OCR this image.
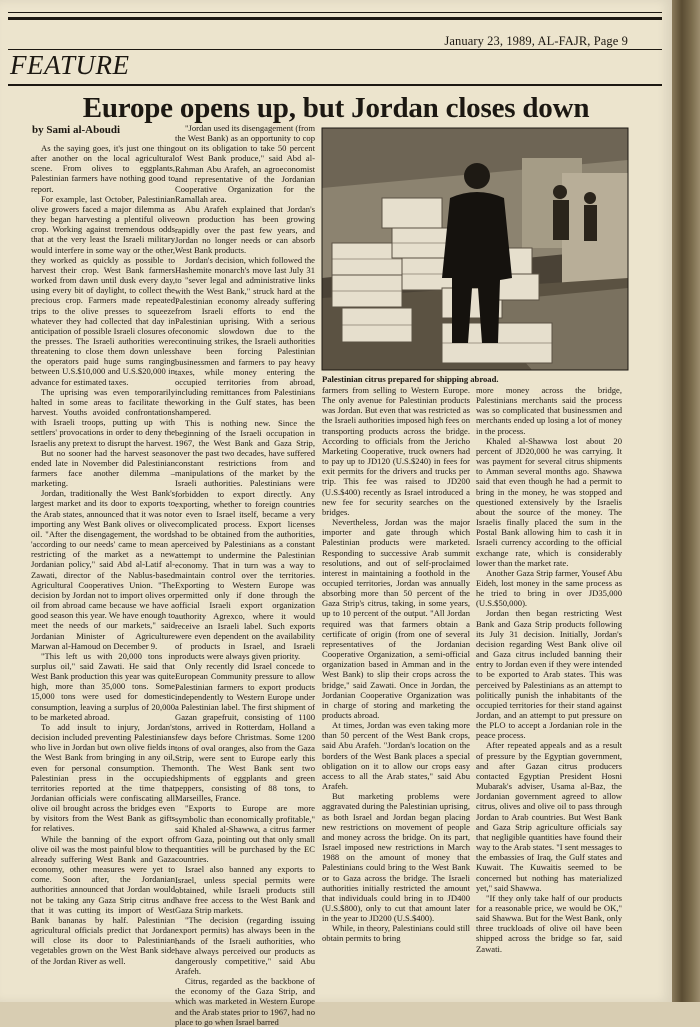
January 23, 1989, AL-FAJR, Page 9
FEATURE
Europe opens up, but Jordan closes down
by Sami al-Aboudi

As the saying goes, it's just one thing after another on the local agricultural scene. From olives to eggplants, Palestinian farmers have nothing good to report.

For example, last October, Palestinian olive growers faced a major dilemma as they began harvesting a plentiful olive crop. Working against tremendous odds that at the very least the Israeli military would interfere in some way or the other, they worked as quickly as possible to harvest their crop. West Bank farmers worked from dawn until dusk every day, using every bit of daylight, to collect the precious crop. Farmers made repeated trips to the olive presses to squeeze whatever they had collected that day in anticipation of possible Israeli closures of the presses. The Israeli authorities were threatening to close them down unless the operators paid huge sums ranging between U.S.$10,000 and U.S.$20,000 in advance for estimated taxes.

The uprising was even temporarily halted in some areas to facilitate the harvest. Youths avoided confrontations with Israeli troops, putting up with settlers' provocations in order to deny the Israelis any pretext to disrupt the harvest.

But no sooner had the harvest season ended late in November did Palestinian farmers face another dilemma – marketing.

Jordan, traditionally the West Bank's largest market and its door to exports to the Arab states, announced that it was not importing any West Bank olives or olive oil. "After the disengagement, the words 'according to our needs' came to mean a restricting of the market as a new Jordanian policy," said Abd al-Latif al-Zawati, director of the Nablus-based Agricultural Cooperatives Union. "The decision by Jordan not to import olives or oil from abroad came because we have a good season this year. We have enough to meet the needs of our markets," said Jordanian Minister of Agriculture Marwan al-Hamoud on December 9.

"This left us with 20,000 tons in surplus oil," said Zawati. He said that West Bank production this year was quite high, more than 35,000 tons. Some 15,000 tons were used for domestic consumption, leaving a surplus of 20,000 to be marketed abroad.

To add insult to injury, Jordan's decision included preventing Palestinians who live in Jordan but own olive fields in the West Bank from bringing in any oil, even for personal consumption. The Palestinian press in the occupied territories reported at the time that Jordanian officials were confiscating all olive oil brought across the bridges even by visitors from the West Bank as gifts for relatives.

While the banning of the export of olive oil was the most painful blow to the already suffering West Bank and Gaza economy, other measures were yet to come. Soon after, the Jordanian authorities announced that Jordan would not be taking any Gaza Strip citrus and that it was cutting its import of West Bank bananas by half. Palestinian agricultural officials predict that Jordan will close its door to Palestinian vegetables grown on the West Bank side of the Jordan River as well.

"Jordan used its disengagement (from the West Bank) as an opportunity to cop out on its obligation to take 50 percent of West Bank produce," said Abd al-Rahman Abu Arafeh, an agroeconomist and representative of the Jordanian Cooperative Organization for the Ramallah area.

Abu Arafeh explained that Jordan's own production has been growing rapidly over the past few years, and Jordan no longer needs or can absorb West Bank products.

Jordan's decision, which followed the Hashemite monarch's move last July 31 to "sever legal and administrative links with the West Bank," struck hard at the Palestinian economy already suffering from Israeli efforts to end the Palestinian uprising. With a serious economic slowdown due to the continuing strikes, the Israeli authorities have been forcing Palestinian businessmen and farmers to pay heavy taxes, while money entering the occupied territories from abroad, including remittances from Palestinians working in the Gulf states, has been hampered.

This is nothing new. Since the beginning of the Israeli occupation in 1967, the West Bank and Gaza Strip, over the past two decades, have suffered constant restrictions from and manipulations of the market by the Israeli authorities. Palestinians were forbidden to export directly. Any exporting, whether to foreign countries or even to Israel itself, became a very complicated process. Export licenses had to be obtained from the authorities, perceived by Palestinians as a constant attempt to undermine the Palestinian economy. That in turn was a way to maintain control over the territories. Exporting to Western Europe was permitted only if done through the official Israeli export organization authority Agrexco, where it would receive an Israeli label. Such exports were even dependent on the availability of products in Israel, and Israeli products were always given priority.

Only recently did Israel concede to European Community pressure to allow Palestinian farmers to export products independently to Western Europe under a Palestinian label. The first shipment of Gazan grapefruit, consisting of 1100 tons, arrived in Rotterdam, Holland a few days before Christmas. Some 1200 tons of oval oranges, also from the Gaza Strip, were sent to Europe early this month. The West Bank sent two shipments of eggplants and green peppers, consisting of 88 tons, to Marseilles, France.

"Exports to Europe are more symbolic than economically profitable," said Khaled al-Shawwa, a citrus farmer from Gaza, pointing out that only small quantities will be purchased by the EC countries.

Israel also banned any exports to Israel, unless special permits were obtained, while Israeli products still have free access to the West Bank and Gaza Strip markets.

"The decision (regarding issuing export permits) has always been in the hands of the Israeli authorities, who have always perceived our products as dangerously competitive," said Abu Arafeh.

Citrus, regarded as the backbone of the economy of the Gaza Strip, and which was marketed in Western Europe and the Arab states prior to 1967, had no place to go when Israel barred

Palestinian citrus prepared for shipping abroad.

farmers from selling to Western Europe. The only avenue for Palestinian products was Jordan. But even that was restricted as the Israeli authorities imposed high fees on transporting products across the bridge. According to officials from the Jericho Marketing Cooperative, truck owners had to pay up to JD120 (U.S.$240) in fees for exit permits for the drivers and trucks per trip. This fee was raised to JD200 (U.S.$400) recently as Israel introduced a new fee for security searches on the bridges.

Nevertheless, Jordan was the major importer and gate through which Palestinian products were marketed. Responding to successive Arab summit resolutions, and out of self-proclaimed interest in maintaining a foothold in the occupied territories, Jordan was annually absorbing more than 50 percent of the Gaza Strip's citrus, taking, in some years, up to 10 percent of the output. "All Jordan required was that farmers obtain a certificate of origin (from one of several representatives of the Jordanian Cooperative Organization, a semi-official organization based in Amman and in the West Bank) to slip their crops across the bridge," said Zawati. Once in Jordan, the Jordanian Cooperative Organization was in charge of storing and marketing the products abroad.

At times, Jordan was even taking more than 50 percent of the West Bank crops, said Abu Arafeh. "Jordan's location on the borders of the West Bank places a special obligation on it to allow our crops easy access to all the Arab states," said Abu Arafeh.

But marketing problems were aggravated during the Palestinian uprising, as both Israel and Jordan began placing new restrictions on movement of people and money across the bridge. On its part, Israel imposed new restrictions in March 1988 on the amount of money that Palestinians could bring to the West Bank or to Gaza across the bridge. The Israeli authorities initially restricted the amount that individuals could bring in to JD400 (U.S.$800), only to cut that amount later in the year to JD200 (U.S.$400).

While, in theory, Palestinians could still obtain permits to bring

more money across the bridge, Palestinians merchants said the process was so complicated that businessmen and merchants ended up losing a lot of money in the process.

Khaled al-Shawwa lost about 20 percent of JD20,000 he was carrying. It was payment for several citrus shipments to Amman several months ago. Shawwa said that even though he had a permit to bring in the money, he was stopped and questioned extensively by the Israelis about the source of the money. The Israelis finally placed the sum in the Postal Bank allowing him to cash it in Israeli currency according to the official exchange rate, which is considerably lower than the market rate.

Another Gaza Strip farmer, Yousef Abu Eideh, lost money in the same process as he tried to bring in over JD35,000 (U.S.$50,000).

Jordan then began restricting West Bank and Gaza Strip products following its July 31 decision. Initially, Jordan's decision regarding West Bank olive oil and Gaza citrus included banning their entry to Jordan even if they were intended to be exported to Arab states. This was perceived by Palestinians as an attempt to politically punish the inhabitants of the occupied territories for their stand against Jordan, and an attempt to put pressure on the PLO to accept a Jordanian role in the peace process.

After repeated appeals and as a result of pressure by the Egyptian government, and after Gazan citrus producers contacted Egyptian President Hosni Mubarak's adviser, Usama al-Baz, the Jordanian government agreed to allow citrus, olives and olive oil to pass through Jordan to Arab countries. But West Bank and Gaza Strip agriculture officials say that negligible quantities have found their way to the Arab states. "I sent messages to the embassies of Iraq, the Gulf states and Kuwait. The Kuwaitis seemed to be concerned but nothing has materialized yet," said Shawwa.

"If they only take half of our products for a reasonable price, we would be OK," said Shawwa. But for the West Bank, only three truckloads of olive oil have been shipped across the bridge so far, said Zawati.
